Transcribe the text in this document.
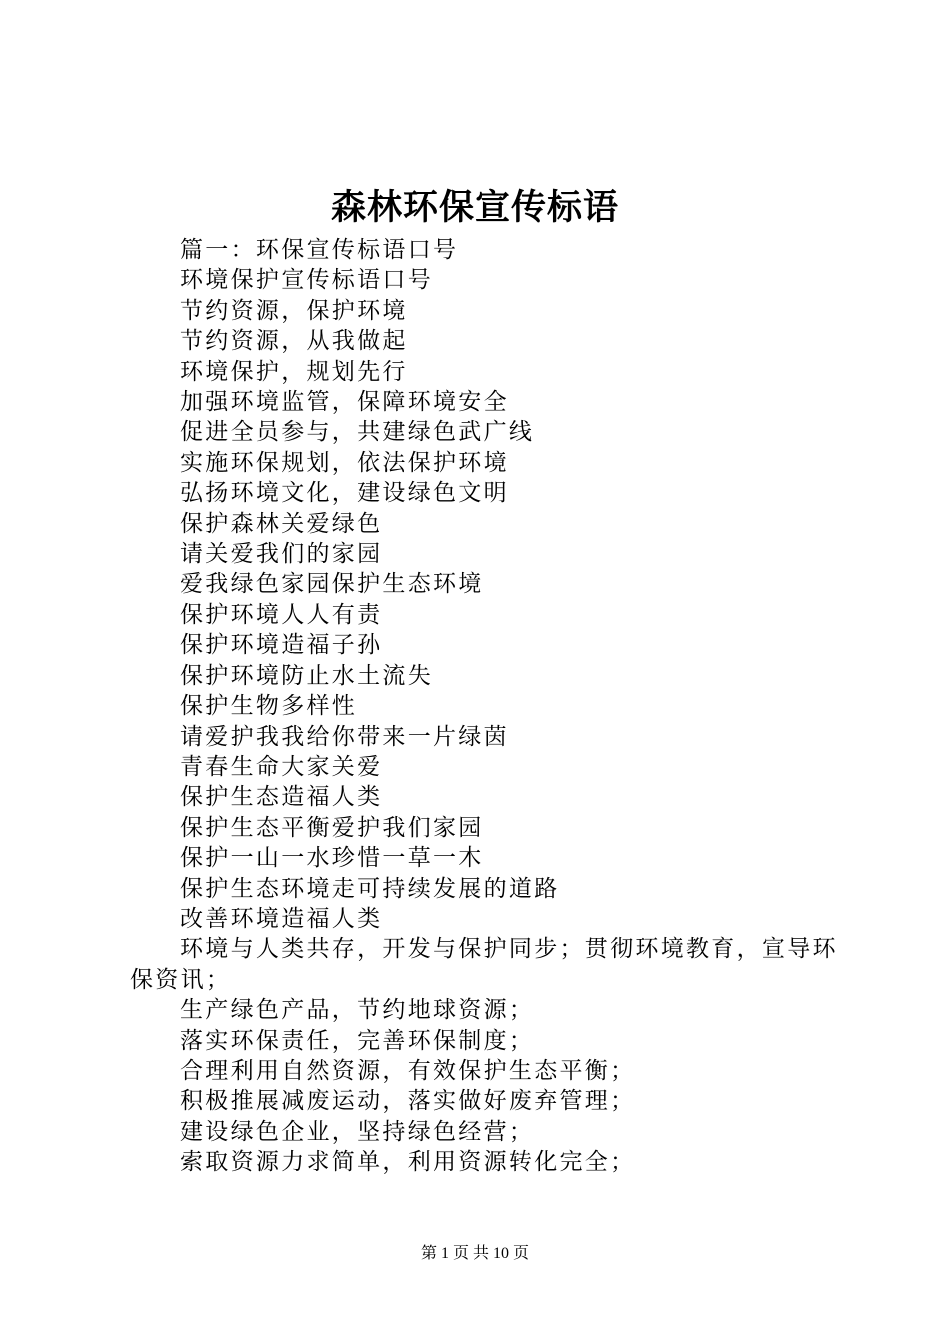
森林环保宣传标语
篇一：环保宣传标语口号
环境保护宣传标语口号
节约资源，保护环境
节约资源，从我做起
环境保护，规划先行
加强环境监管，保障环境安全
促进全员参与，共建绿色武广线
实施环保规划，依法保护环境
弘扬环境文化，建设绿色文明
保护森林关爱绿色
请关爱我们的家园
爱我绿色家园保护生态环境
保护环境人人有责
保护环境造福子孙
保护环境防止水土流失
保护生物多样性
请爱护我我给你带来一片绿茵
青春生命大家关爱
保护生态造福人类
保护生态平衡爱护我们家园
保护一山一水珍惜一草一木
保护生态环境走可持续发展的道路
改善环境造福人类
环境与人类共存，开发与保护同步；贯彻环境教育，宣导环保资讯；
生产绿色产品，节约地球资源；
落实环保责任，完善环保制度；
合理利用自然资源，有效保护生态平衡；
积极推展减废运动，落实做好废弃管理；
建设绿色企业，坚持绿色经营；
索取资源力求简单，利用资源转化完全；
第 1 页 共 10 页
